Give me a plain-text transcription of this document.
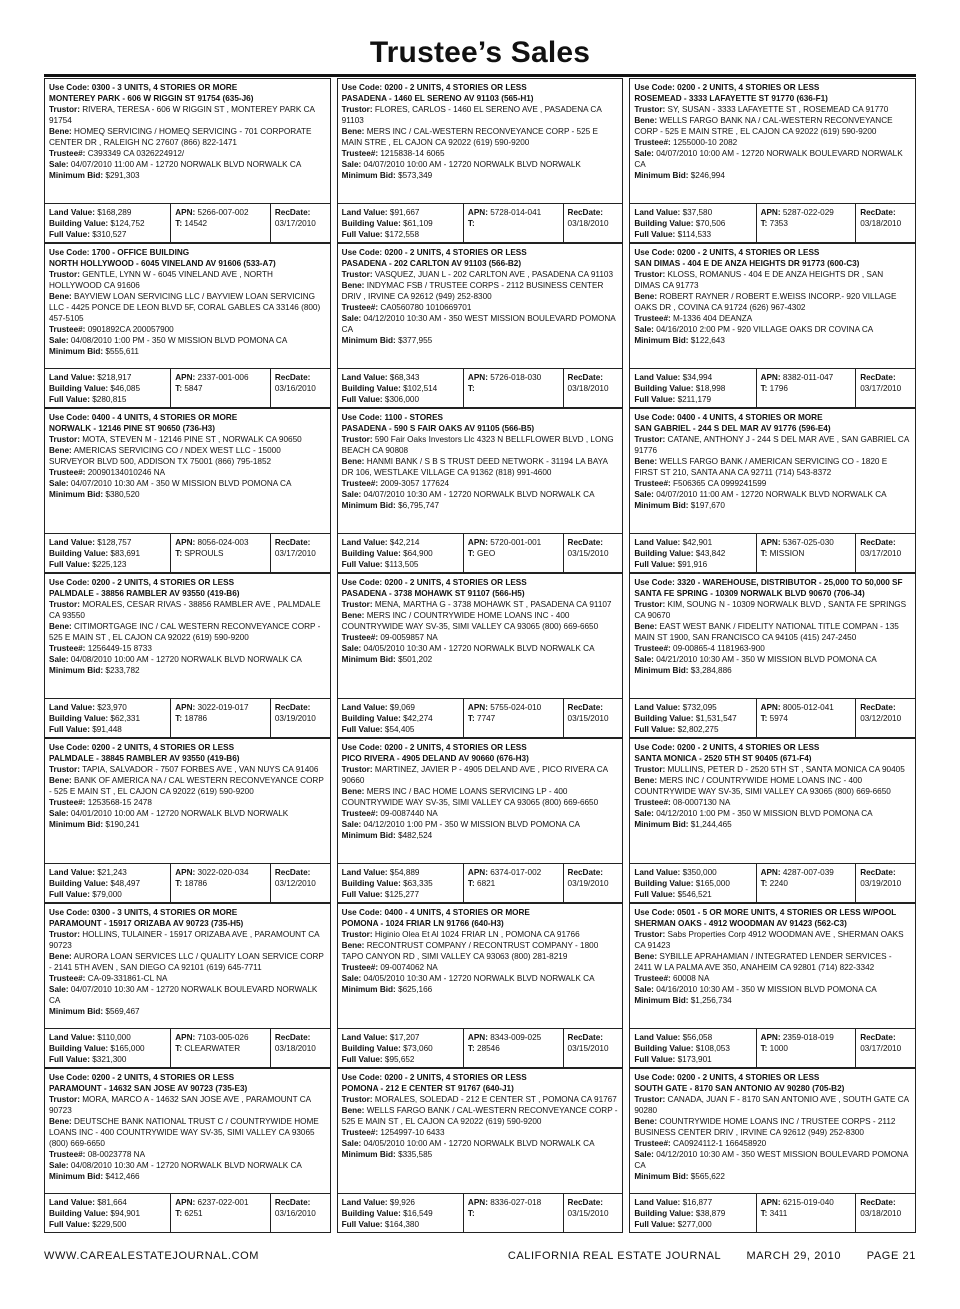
Trustee’s Sales
Use Code: 0300 - 3 UNITS, 4 STORIES OR MORE
MONTEREY PARK - 606 W RIGGIN ST 91754 (635-J6)
Trustor: RIVERA, TERESA - 606 W RIGGIN ST , MONTEREY PARK CA 91754
Bene: HOMEQ SERVICING / HOMEQ SERVICING - 701 CORPORATE CENTER DR , RALEIGH NC 27607 (866) 822-1471
Trustee#: C393349 CA 0326224912/
Sale: 04/07/2010 11:00 AM - 12720 NORWALK BLVD NORWALK CA
Minimum Bid: $291,303
Land Value: $168,289
Building Value: $124,752
Full Value: $310,527
APN: 5266-007-002
T: 14542
RecDate:
03/17/2010
Use Code: 1700 - OFFICE BUILDING
NORTH HOLLYWOOD - 6045 VINELAND AV 91606 (533-A7)
Trustor: GENTLE, LYNN W - 6045 VINELAND AVE , NORTH HOLLYWOOD CA 91606
Bene: BAYVIEW LOAN SERVICING LLC / BAYVIEW LOAN SERVICING LLC - 4425 PONCE DE LEON BLVD 5F, CORAL GABLES CA 33146 (800) 457-5105
Trustee#: 0901892CA 200057900
Sale: 04/08/2010 1:00 PM - 350 W MISSION BLVD POMONA CA
Minimum Bid: $555,611
Land Value: $218,917
Building Value: $46,085
Full Value: $280,815
APN: 2337-001-006
T: 5847
RecDate:
03/16/2010
Use Code: 0400 - 4 UNITS, 4 STORIES OR MORE
NORWALK - 12146 PINE ST 90650 (736-H3)
Trustor: MOTA, STEVEN M - 12146 PINE ST , NORWALK CA 90650
Bene: AMERICAS SERVICING CO / NDEX WEST LLC - 15000 SURVEYOR BLVD 500, ADDISON TX 75001 (866) 795-1852
Trustee#: 20090134010246 NA
Sale: 04/07/2010 10:30 AM - 350 W MISSION BLVD POMONA CA
Minimum Bid: $380,520
Land Value: $128,757
Building Value: $83,691
Full Value: $225,123
APN: 8056-024-003
T: SPROULS
RecDate:
03/17/2010
Use Code: 0200 - 2 UNITS, 4 STORIES OR LESS
PALMDALE - 38856 RAMBLER AV 93550 (419-B6)
Trustor: MORALES, CESAR RIVAS - 38856 RAMBLER AVE , PALMDALE CA 93550
Bene: CITIMORTGAGE INC / CAL WESTERN RECONVEYANCE CORP - 525 E MAIN ST , EL CAJON CA 92022 (619) 590-9200
Trustee#: 1256449-15 8733
Sale: 04/08/2010 10:00 AM - 12720 NORWALK BLVD NORWALK CA
Minimum Bid: $233,782
Land Value: $23,970
Building Value: $62,331
Full Value: $91,448
APN: 3022-019-017
T: 18786
RecDate:
03/19/2010
Use Code: 0200 - 2 UNITS, 4 STORIES OR LESS
PALMDALE - 38845 RAMBLER AV 93550 (419-B6)
Trustor: TAPIA, SALVADOR - 7507 FORBES AVE , VAN NUYS CA 91406
Bene: BANK OF AMERICA NA / CAL WESTERN RECONVEYANCE CORP - 525 E MAIN ST , EL CAJON CA 92022 (619) 590-9200
Trustee#: 1253568-15 2478
Sale: 04/01/2010 10:00 AM - 12720 NORWALK BLVD NORWALK
Minimum Bid: $190,241
Land Value: $21,243
Building Value: $48,497
Full Value: $79,000
APN: 3022-020-034
T: 18786
RecDate:
03/12/2010
Use Code: 0300 - 3 UNITS, 4 STORIES OR MORE
PARAMOUNT - 15917 ORIZABA AV 90723 (735-H5)
Trustor: HOLLINS, TULAINER - 15917 ORIZABA AVE , PARAMOUNT CA 90723
Bene: AURORA LOAN SERVICES LLC / QUALITY LOAN SERVICE CORP - 2141 5TH AVEN , SAN DIEGO CA 92101 (619) 645-7711
Trustee#: CA-09-331861-CL NA
Sale: 04/07/2010 10:30 AM - 12720 NORWALK BOULEVARD NORWALK CA
Minimum Bid: $569,467
Land Value: $110,000
Building Value: $165,000
Full Value: $321,300
APN: 7103-005-026
T: CLEARWATER
RecDate:
03/18/2010
Use Code: 0200 - 2 UNITS, 4 STORIES OR LESS
PARAMOUNT - 14632 SAN JOSE AV 90723 (735-E3)
Trustor: MORA, MARCO A - 14632 SAN JOSE AVE , PARAMOUNT CA 90723
Bene: DEUTSCHE BANK NATIONAL TRUST C / COUNTRYWIDE HOME LOANS INC - 400 COUNTRYWIDE WAY SV-35, SIMI VALLEY CA 93065 (800) 669-6650
Trustee#: 08-0023778 NA
Sale: 04/08/2010 10:30 AM - 12720 NORWALK BLVD NORWALK CA
Minimum Bid: $412,466
Land Value: $81,664
Building Value: $94,901
Full Value: $229,500
APN: 6237-022-001
T: 6251
RecDate:
03/16/2010
Use Code: 0200 - 2 UNITS, 4 STORIES OR LESS
PASADENA - 1460 EL SERENO AV 91103 (565-H1)
Trustor: FLORES, CARLOS - 1460 EL SERENO AVE , PASADENA CA 91103
Bene: MERS INC / CAL-WESTERN RECONVEYANCE CORP - 525 E MAIN STRE , EL CAJON CA 92022 (619) 590-9200
Trustee#: 1215838-14 6065
Sale: 04/07/2010 10:00 AM - 12720 NORWALK BLVD NORWALK
Minimum Bid: $573,349
Land Value: $91,667
Building Value: $61,109
Full Value: $172,558
APN: 5728-014-041
T:
RecDate:
03/18/2010
Use Code: 0200 - 2 UNITS, 4 STORIES OR LESS
PASADENA - 202 CARLTON AV 91103 (566-B2)
Trustor: VASQUEZ, JUAN L - 202 CARLTON AVE , PASADENA CA 91103
Bene: INDYMAC FSB / TRUSTEE CORPS - 2112 BUSINESS CENTER DRIV , IRVINE CA 92612 (949) 252-8300
Trustee#: CA0560780 1010669701
Sale: 04/12/2010 10:30 AM - 350 WEST MISSION BOULEVARD POMONA CA
Minimum Bid: $377,955
Land Value: $68,343
Building Value: $102,514
Full Value: $306,000
APN: 5726-018-030
T:
RecDate:
03/18/2010
Use Code: 1100 - STORES
PASADENA - 590 S FAIR OAKS AV 91105 (566-B5)
Trustor: 590 Fair Oaks Investors Llc 4323 N BELLFLOWER BLVD , LONG BEACH CA 90808
Bene: HANMI BANK / S B S TRUST DEED NETWORK - 31194 LA BAYA DR 106, WESTLAKE VILLAGE CA 91362 (818) 991-4600
Trustee#: 2009-3057 177624
Sale: 04/07/2010 10:30 AM - 12720 NORWALK BLVD NORWALK CA
Minimum Bid: $6,795,747
Land Value: $42,214
Building Value: $64,900
Full Value: $113,505
APN: 5720-001-001
T: GEO
RecDate:
03/15/2010
Use Code: 0200 - 2 UNITS, 4 STORIES OR LESS
PASADENA - 3738 MOHAWK ST 91107 (566-H5)
Trustor: MENA, MARTHA G - 3738 MOHAWK ST , PASADENA CA 91107
Bene: MERS INC / COUNTRYWIDE HOME LOANS INC - 400 COUNTRYWIDE WAY SV-35, SIMI VALLEY CA 93065 (800) 669-6650
Trustee#: 09-0059857 NA
Sale: 04/05/2010 10:30 AM - 12720 NORWALK BLVD NORWALK CA
Minimum Bid: $501,202
Land Value: $9,069
Building Value: $42,274
Full Value: $54,405
APN: 5755-024-010
T: 7747
RecDate:
03/15/2010
Use Code: 0200 - 2 UNITS, 4 STORIES OR LESS
PICO RIVERA - 4905 DELAND AV 90660 (676-H3)
Trustor: MARTINEZ, JAVIER P - 4905 DELAND AVE , PICO RIVERA CA 90660
Bene: MERS INC / BAC HOME LOANS SERVICING LP - 400 COUNTRYWIDE WAY SV-35, SIMI VALLEY CA 93065 (800) 669-6650
Trustee#: 09-0087440 NA
Sale: 04/12/2010 1:00 PM - 350 W MISSION BLVD POMONA CA
Minimum Bid: $482,524
Land Value: $54,889
Building Value: $63,335
Full Value: $125,277
APN: 6374-017-002
T: 6821
RecDate:
03/19/2010
Use Code: 0400 - 4 UNITS, 4 STORIES OR MORE
POMONA - 1024 FRIAR LN 91766 (640-H3)
Trustor: Higinio Olea Et Al 1024 FRIAR LN , POMONA CA 91766
Bene: RECONTRUST COMPANY / RECONTRUST COMPANY - 1800 TAPO CANYON RD , SIMI VALLEY CA 93063 (800) 281-8219
Trustee#: 09-0074062 NA
Sale: 04/05/2010 10:30 AM - 12720 NORWALK BLVD NORWALK CA
Minimum Bid: $625,166
Land Value: $17,207
Building Value: $73,060
Full Value: $95,652
APN: 8343-009-025
T: 28546
RecDate:
03/15/2010
Use Code: 0200 - 2 UNITS, 4 STORIES OR LESS
POMONA - 212 E CENTER ST 91767 (640-J1)
Trustor: MORALES, SOLEDAD - 212 E CENTER ST , POMONA CA 91767
Bene: WELLS FARGO BANK / CAL-WESTERN RECONVEYANCE CORP - 525 E MAIN ST , EL CAJON CA 92022 (619) 590-9200
Trustee#: 1254997-10 6433
Sale: 04/05/2010 10:00 AM - 12720 NORWALK BLVD NORWALK CA
Minimum Bid: $335,585
Land Value: $9,926
Building Value: $16,549
Full Value: $164,380
APN: 8336-027-018
T:
RecDate:
03/15/2010
Use Code: 0200 - 2 UNITS, 4 STORIES OR LESS
ROSEMEAD - 3333 LAFAYETTE ST 91770 (636-F1)
Trustor: SY, SUSAN - 3333 LAFAYETTE ST , ROSEMEAD CA 91770
Bene: WELLS FARGO BANK NA / CAL-WESTERN RECONVEYANCE CORP - 525 E MAIN STRE , EL CAJON CA 92022 (619) 590-9200
Trustee#: 1255000-10 2082
Sale: 04/07/2010 10:00 AM - 12720 NORWALK BOULEVARD NORWALK CA
Minimum Bid: $246,994
Land Value: $37,580
Building Value: $70,506
Full Value: $114,533
APN: 5287-022-029
T: 7353
RecDate:
03/18/2010
Use Code: 0200 - 2 UNITS, 4 STORIES OR LESS
SAN DIMAS - 404 E DE ANZA HEIGHTS DR 91773 (600-C3)
Trustor: KLOSS, ROMANUS - 404 E DE ANZA HEIGHTS DR , SAN DIMAS CA 91773
Bene: ROBERT RAYNER / ROBERT E.WEISS INCORP.- 920 VILLAGE OAKS DR , COVINA CA 91724 (626) 967-4302
Trustee#: M-1336 404 DEANZA
Sale: 04/16/2010 2:00 PM - 920 VILLAGE OAKS DR COVINA CA
Minimum Bid: $122,643
Land Value: $34,994
Building Value: $18,998
Full Value: $211,179
APN: 8382-011-047
T: 1796
RecDate:
03/17/2010
Use Code: 0400 - 4 UNITS, 4 STORIES OR MORE
SAN GABRIEL - 244 S DEL MAR AV 91776 (596-E4)
Trustor: CATANE, ANTHONY J - 244 S DEL MAR AVE , SAN GABRIEL CA 91776
Bene: WELLS FARGO BANK / AMERICAN SERVICING CO - 1820 E FIRST ST 210, SANTA ANA CA 92711 (714) 543-8372
Trustee#: F506365 CA 0999241599
Sale: 04/07/2010 11:00 AM - 12720 NORWALK BLVD NORWALK CA
Minimum Bid: $197,670
Land Value: $42,901
Building Value: $43,842
Full Value: $91,916
APN: 5367-025-030
T: MISSION
RecDate:
03/17/2010
Use Code: 3320 - WAREHOUSE, DISTRIBUTOR - 25,000 TO 50,000 SF
SANTA FE SPRING - 10309 NORWALK BLVD 90670 (706-J4)
Trustor: KIM, SOUNG N - 10309 NORWALK BLVD , SANTA FE SPRINGS CA 90670
Bene: EAST WEST BANK / FIDELITY NATIONAL TITLE COMPAN - 135 MAIN ST 1900, SAN FRANCISCO CA 94105 (415) 247-2450
Trustee#: 09-00865-4 1181963-900
Sale: 04/21/2010 10:30 AM - 350 W MISSION BLVD POMONA CA
Minimum Bid: $3,284,886
Land Value: $732,095
Building Value: $1,531,547
Full Value: $2,802,275
APN: 8005-012-041
T: 5974
RecDate:
03/12/2010
Use Code: 0200 - 2 UNITS, 4 STORIES OR LESS
SANTA MONICA - 2520 5TH ST 90405 (671-F4)
Trustor: MULLINS, PETER D - 2520 5TH ST , SANTA MONICA CA 90405
Bene: MERS INC / COUNTRYWIDE HOME LOANS INC - 400 COUNTRYWIDE WAY SV-35, SIMI VALLEY CA 93065 (800) 669-6650
Trustee#: 08-0007130 NA
Sale: 04/12/2010 1:00 PM - 350 W MISSION BLVD POMONA CA
Minimum Bid: $1,244,465
Land Value: $350,000
Building Value: $165,000
Full Value: $546,521
APN: 4287-007-039
T: 2240
RecDate:
03/19/2010
Use Code: 0501 - 5 OR MORE UNITS, 4 STORIES OR LESS W/POOL
SHERMAN OAKS - 4912 WOODMAN AV 91423 (562-C3)
Trustor: Sabs Properties Corp 4912 WOODMAN AVE , SHERMAN OAKS CA 91423
Bene: SYBILLE APRAHAMIAN / INTEGRATED LENDER SERVICES - 2411 W LA PALMA AVE 350, ANAHEIM CA 92801 (714) 822-3342
Trustee#: 60008 NA
Sale: 04/16/2010 10:30 AM - 350 W MISSION BLVD POMONA CA
Minimum Bid: $1,256,734
Land Value: $56,058
Building Value: $108,053
Full Value: $173,901
APN: 2359-018-019
T: 1000
RecDate:
03/17/2010
Use Code: 0200 - 2 UNITS, 4 STORIES OR LESS
SOUTH GATE - 8170 SAN ANTONIO AV 90280 (705-B2)
Trustor: CANADA, JUAN F - 8170 SAN ANTONIO AVE , SOUTH GATE CA 90280
Bene: COUNTRYWIDE HOME LOANS INC / TRUSTEE CORPS - 2112 BUSINESS CENTER DRIV , IRVINE CA 92612 (949) 252-8300
Trustee#: CA0924112-1 166458920
Sale: 04/12/2010 10:30 AM - 350 WEST MISSION BOULEVARD POMONA CA
Minimum Bid: $565,622
Land Value: $16,877
Building Value: $38,879
Full Value: $277,000
APN: 6215-019-040
T: 3411
RecDate:
03/18/2010
WWW.CAREALESTATEJOURNAL.COM	CALIFORNIA REAL ESTATE JOURNAL MARCH 29, 2010 PAGE 21
